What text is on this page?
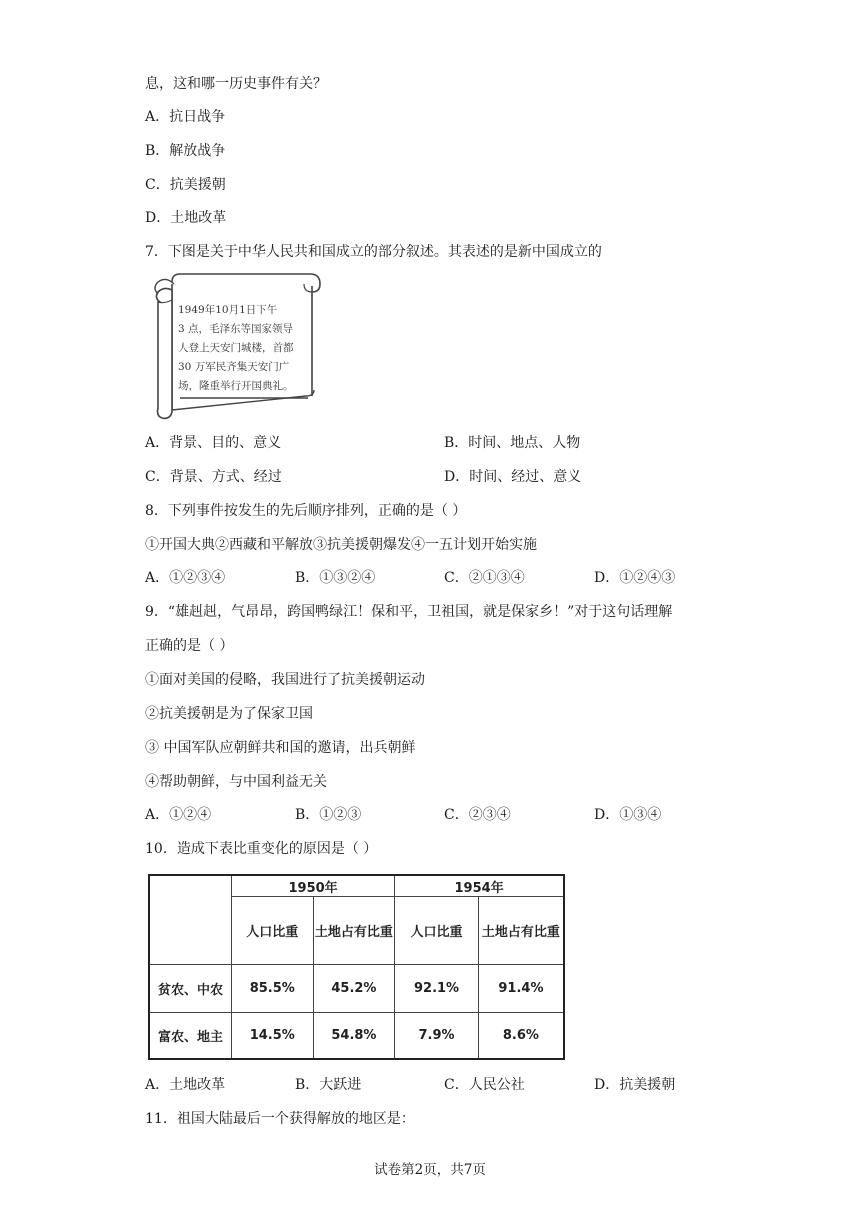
息，这和哪一历史事件有关？
A．抗日战争
B．解放战争
C．抗美援朝
D．土地改革
7．下图是关于中华人民共和国成立的部分叙述。其表述的是新中国成立的
1949年10月1日下午
3 点，毛泽东等国家领导
人登上天安门城楼，首都
30 万军民齐集天安门广
场，隆重举行开国典礼。
A．背景、目的、意义	B．时间、地点、人物
C．背景、方式、经过	D．时间、经过、意义
8．下列事件按发生的先后顺序排列，正确的是（ ）
①开国大典②西藏和平解放③抗美援朝爆发④一五计划开始实施
A．①②③④	B．①③②④	C．②①③④	D．①②④③
9．“雄赳赳，气昂昂，跨国鸭绿江！保和平，卫祖国，就是保家乡！”对于这句话理解
正确的是（ ）
①面对美国的侵略，我国进行了抗美援朝运动
②抗美援朝是为了保家卫国
③ 中国军队应朝鲜共和国的邀请，出兵朝鲜
④帮助朝鲜，与中国利益无关
A．①②④	B．①②③	C．②③④	D．①③④
10．造成下表比重变化的原因是（ ）
	1950年		1954年	
	人口比重	土地占有比重	人口比重	土地占有比重
贫农、中农	85.5%	45.2%	92.1%	91.4%
富农、地主	14.5%	54.8%	7.9%	8.6%
A．土地改革	B．大跃进	C．人民公社	D．抗美援朝
11．祖国大陆最后一个获得解放的地区是：
试卷第2页，共7页
